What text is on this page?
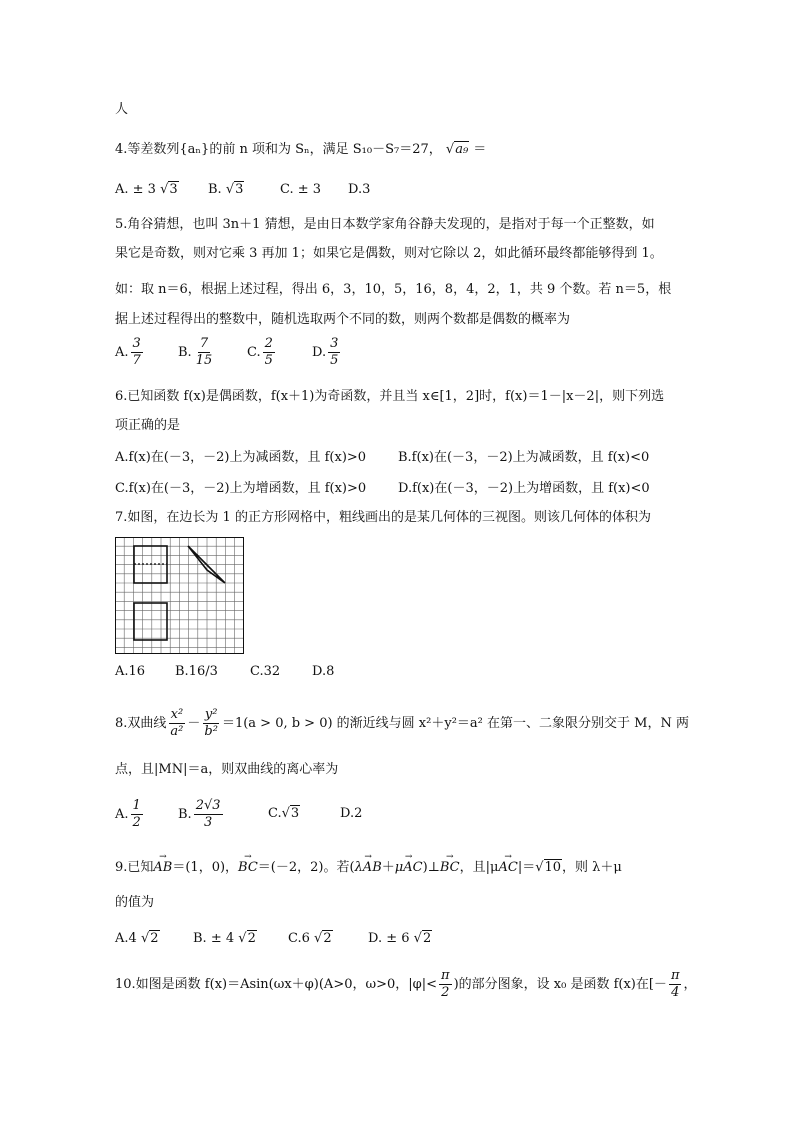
人
4.等差数列{aₙ}的前 n 项和为 Sₙ，满足 S₁₀－S₇＝27， √a₉ ＝
A. ± 3 √3 B. √3	C. ± 3 D.3
5.角谷猜想，也叫 3n＋1 猜想，是由日本数学家角谷静夫发现的，是指对于每一个正整数，如
果它是奇数，则对它乘 3 再加 1；如果它是偶数，则对它除以 2，如此循环最终都能够得到 1。
如：取 n＝6，根据上述过程，得出 6，3，10，5，16，8，4，2，1，共 9 个数。若 n＝5，根
据上述过程得出的整数中，随机选取两个不同的数，则两个数都是偶数的概率为
A. $\frac{3}{7}$	B. $\frac{7}{15}$	C. $\frac{2}{5}$	D. $\frac{3}{5}$
6.已知函数 f(x)是偶函数，f(x＋1)为奇函数，并且当 x∈[1，2]时，f(x)＝1－|x－2|，则下列选
项正确的是
A.f(x)在(－3，－2)上为减函数，且 f(x)>0 B.f(x)在(－3，－2)上为减函数，且 f(x)<0
C.f(x)在(－3，－2)上为增函数，且 f(x)>0 D.f(x)在(－3，－2)上为增函数，且 f(x)<0
7.如图，在边长为 1 的正方形网格中，粗线画出的是某几何体的三视图。则该几何体的体积为
A.16 B.16/3 C.32 D.8
8.双曲线 $\frac{\text{x²}}{\text{a²}} - \frac{\text{y²}}{\text{b²}} =1(a > 0$, b > 0) 的渐近线与圆 x²＋y²＝a² 在第一、二象限分别交于 M，N 两
点，且|MN|＝a，则双曲线的离心率为
A. $\frac{1}{2}$	B. $\frac{2√3}{3}$	C.√3	D.2
9.已知→ AB＝(1，0)，→ BC＝(－2，2)。若(→ λAB＋→ μAC)⊥→ BC，且|μ→ AC|＝√10，则 λ＋μ
的值为
A.4 √2	B. ± 4 √2 C.6 √2	D. ± 6 √2
10.如图是函数 f(x)＝Asin(ωx＋φ)(A>0，ω>0，$|\varphi|< \frac{\pi}{2}$ )的部分图象，设 x₀ 是函数 f(x)在[－ $\frac{\pi}{4}$ ，
